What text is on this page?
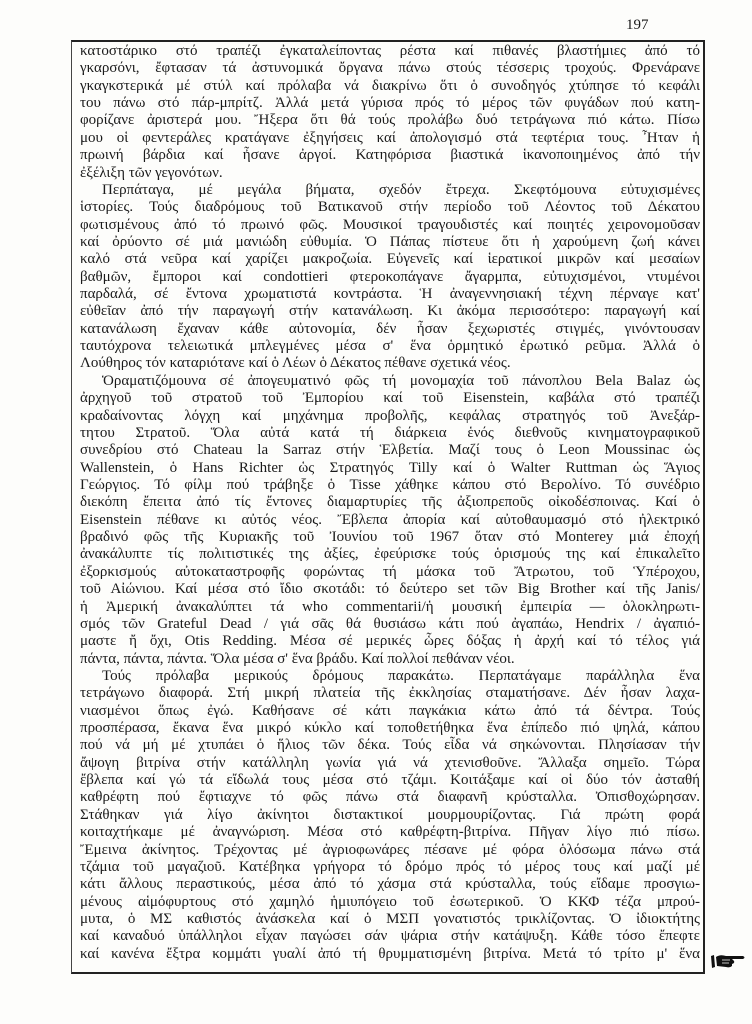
197
κατοστάρικο στό τραπέζι ἐγκαταλείποντας ρέστα καί πιθανές βλαστήμιες ἀπό τό
γκαρσόνι, ἔφτασαν τά ἀστυνομικά ὄργανα πάνω στούς τέσσερις τροχούς. Φρενάρανε
γκαγκστερικά μέ στύλ καί πρόλαβα νά διακρίνω ὅτι ὁ συνοδηγός χτύπησε τό κεφάλι
του πάνω στό πάρ-μπρίτζ. Ἀλλά μετά γύρισα πρός τό μέρος τῶν φυγάδων πού κατη-
φορίζανε ἀριστερά μου. Ἤξερα ὅτι θά τούς προλάβω δυό τετράγωνα πιό κάτω. Πίσω
μου οἱ φεντεράλες κρατάγανε ἐξηγήσεις καί ἀπολογισμό στά τεφτέρια τους. Ἦταν ἡ
πρωινή βάρδια καί ἦσανε ἀργοί. Κατηφόρισα βιαστικά ἱκανοποιημένος ἀπό τήν
ἐξέλιξη τῶν γεγονότων.
Περπάταγα, μέ μεγάλα βήματα, σχεδόν ἔτρεχα. Σκεφτόμουνα εὐτυχισμένες
ἱστορίες. Τούς διαδρόμους τοῦ Βατικανοῦ στήν περίοδο τοῦ Λέοντος τοῦ Δέκατου
φωτισμένους ἀπό τό πρωινό φῶς. Μουσικοί τραγουδιστές καί ποιητές χειρονομοῦσαν
καί ὀρύοντο σέ μιά μανιώδη εὐθυμία. Ὁ Πάπας πίστευε ὅτι ἡ χαρούμενη ζωή κάνει
καλό στά νεῦρα καί χαρίζει μακροζωία. Εὐγενεῖς καί ἱερατικοί μικρῶν καί μεσαίων
βαθμῶν, ἔμποροι καί condottieri φτεροκοπάγανε ἄγαρμπα, εὐτυχισμένοι, ντυμένοι
παρδαλά, σέ ἔντονα χρωματιστά κοντράστα. Ἡ ἀναγεννησιακή τέχνη πέρναγε κατ'
εὐθεῖαν ἀπό τήν παραγωγή στήν κατανάλωση. Κι ἀκόμα περισσότερο: παραγωγή καί
κατανάλωση ἔχαναν κάθε αὐτονομία, δέν ἦσαν ξεχωριστές στιγμές, γινόντουσαν
ταυτόχρονα τελειωτικά μπλεγμένες μέσα σ' ἕνα ὁρμητικό ἐρωτικό ρεῦμα. Ἀλλά ὁ
Λούθηρος τόν καταριότανε καί ὁ Λέων ὁ Δέκατος πέθανε σχετικά νέος.
Ὁραματιζόμουνα σέ ἀπογευματινό φῶς τή μονομαχία τοῦ πάνοπλου Bela Balaz ὡς
ἀρχηγοῦ τοῦ στρατοῦ τοῦ Ἐμπορίου καί τοῦ Eisenstein, καβάλα στό τραπέζι
κραδαίνοντας λόγχη καί μηχάνημα προβολῆς, κεφάλας στρατηγός τοῦ Ἀνεξάρ-
τητου Στρατοῦ. Ὅλα αὐτά κατά τή διάρκεια ἑνός διεθνοῦς κινηματογραφικοῦ
συνεδρίου στό Chateau la Sarraz στήν Ἑλβετία. Μαζί τους ὁ Leon Moussinac ὡς
Wallenstein, ὁ Hans Richter ὡς Στρατηγός Tilly καί ὁ Walter Ruttman ὡς Ἅγιος
Γεώργιος. Τό φίλμ πού τράβηξε ὁ Tisse χάθηκε κάπου στό Βερολίνο. Τό συνέδριο
διεκόπη ἔπειτα ἀπό τίς ἔντονες διαμαρτυρίες τῆς ἀξιοπρεποῦς οἰκοδέσποινας. Καί ὁ
Eisenstein πέθανε κι αὐτός νέος. Ἔβλεπα ἀπορία καί αὐτοθαυμασμό στό ἠλεκτρικό
βραδινό φῶς τῆς Κυριακῆς τοῦ Ἰουνίου τοῦ 1967 ὅταν στό Monterey μιά ἐποχή
ἀνακάλυπτε τίς πολιτιστικές της ἀξίες, ἐφεύρισκε τούς ὁρισμούς της καί ἐπικαλεῖτο
ἐξορκισμούς αὐτοκαταστροφῆς φορώντας τή μάσκα τοῦ Ἄτρωτου, τοῦ Ὑπέροχου,
τοῦ Αἰώνιου. Καί μέσα στό ἴδιο σκοτάδι: τό δεύτερο set τῶν Big Brother καί τῆς Janis/
ἡ Ἀμερική ἀνακαλύπτει τά who commentarii/ἡ μουσική ἐμπειρία — ὁλοκληρωτι-
σμός τῶν Grateful Dead / γιά σᾶς θά θυσιάσω κάτι πού ἀγαπάω, Hendrix / ἀγαπιό-
μαστε ἤ ὄχι, Otis Redding. Μέσα σέ μερικές ὧρες δόξας ἡ ἀρχή καί τό τέλος γιά
πάντα, πάντα, πάντα. Ὅλα μέσα σ' ἕνα βράδυ. Καί πολλοί πεθάναν νέοι.
Τούς πρόλαβα μερικούς δρόμους παρακάτω. Περπατάγαμε παράλληλα ἕνα
τετράγωνο διαφορά. Στή μικρή πλατεία τῆς ἐκκλησίας σταματήσανε. Δέν ἦσαν λαχα-
νιασμένοι ὅπως ἐγώ. Καθήσανε σέ κάτι παγκάκια κάτω ἀπό τά δέντρα. Τούς
προσπέρασα, ἔκανα ἕνα μικρό κύκλο καί τοποθετήθηκα ἕνα ἐπίπεδο πιό ψηλά, κάπου
πού νά μή μέ χτυπάει ὁ ἥλιος τῶν δέκα. Τούς εἶδα νά σηκώνονται. Πλησίασαν τήν
ἄψογη βιτρίνα στήν κατάλληλη γωνία γιά νά χτενισθοῦνε. Ἄλλαξα σημεῖο. Τώρα
ἔβλεπα καί γώ τά εἴδωλά τους μέσα στό τζάμι. Κοιτάξαμε καί οἱ δύο τόν ἀσταθή
καθρέφτη πού ἔφτιαχνε τό φῶς πάνω στά διαφανῆ κρύσταλλα. Ὀπισθοχώρησαν.
Στάθηκαν γιά λίγο ἀκίνητοι διστακτικοί μουρμουρίζοντας. Γιά πρώτη φορά
κοιταχτήκαμε μέ ἀναγνώριση. Μέσα στό καθρέφτη-βιτρίνα. Πῆγαν λίγο πιό πίσω.
Ἔμεινα ἀκίνητος. Τρέχοντας μέ ἀγριοφωνάρες πέσανε μέ φόρα ὁλόσωμα πάνω στά
τζάμια τοῦ μαγαζιοῦ. Κατέβηκα γρήγορα τό δρόμο πρός τό μέρος τους καί μαζί μέ
κάτι ἄλλους περαστικούς, μέσα ἀπό τό χάσμα στά κρύσταλλα, τούς εἴδαμε προσγιω-
μένους αἱμόφυρτους στό χαμηλό ἡμιυπόγειο τοῦ ἐσωτερικοῦ. Ὁ ΚΚΦ τέζα μπρού-
μυτα, ὁ ΜΣ καθιστός ἀνάσκελα καί ὁ ΜΣΠ γονατιστός τρικλίζοντας. Ὁ ἰδιοκτήτης
καί καναδυό ὑπάλληλοι εἶχαν παγώσει σάν ψάρια στήν κατάψυξη. Κάθε τόσο ἔπεφτε
καί κανένα ἔξτρα κομμάτι γυαλί ἀπό τή θρυμματισμένη βιτρίνα. Μετά τό τρίτο μ' ἕνα
